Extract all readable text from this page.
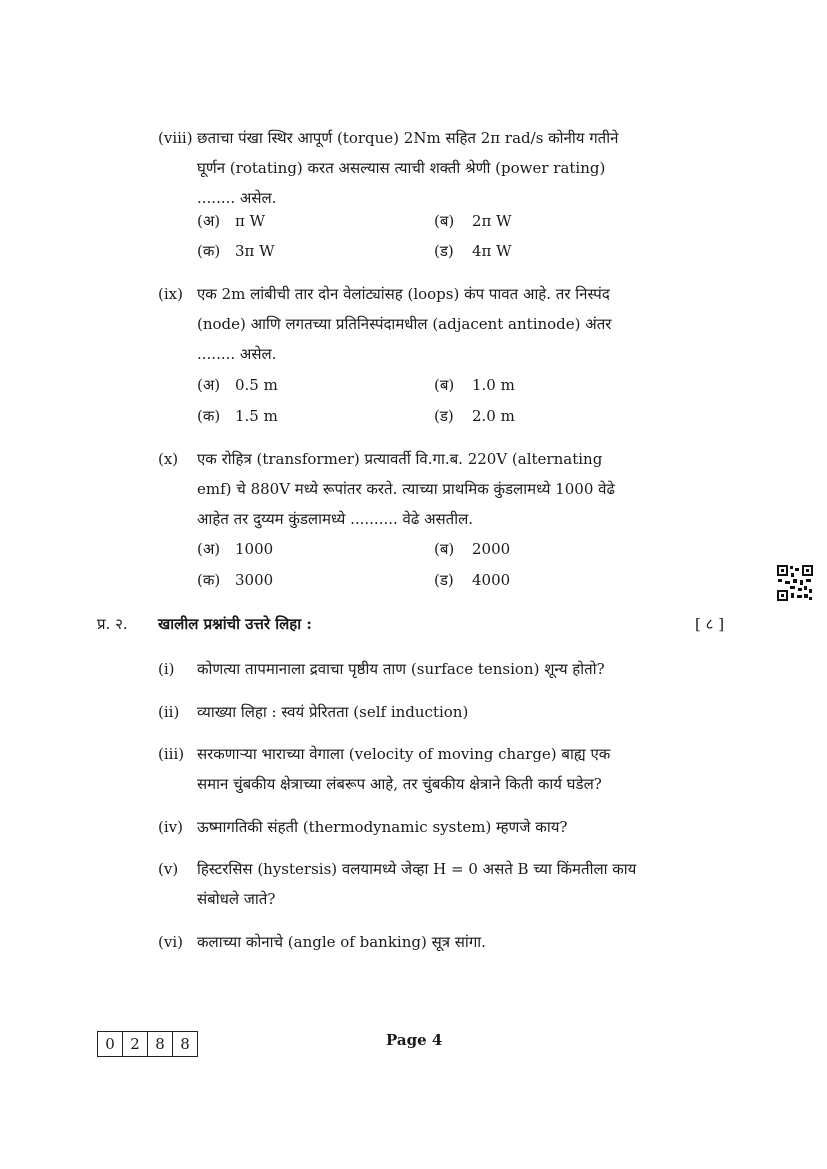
(viii) छताचा पंखा स्थिर आपूर्ण (torque) 2Nm सहित 2π rad/s कोनीय गतीने घूर्णन (rotating) करत असल्यास त्याची शक्ती श्रेणी (power rating) ........ असेल.
(अ) π W	(ब) 2π W
(क) 3π W	(ड) 4π W
(ix) एक 2m लांबीची तार दोन वेलांट्यांसह (loops) कंप पावत आहे. तर निस्पंद (node) आणि लगतच्या प्रतिनिस्पंदामधील (adjacent antinode) अंतर ........ असेल.
(अ) 0.5 m	(ब) 1.0 m
(क) 1.5 m	(ड) 2.0 m
(x) एक रोहित्र (transformer) प्रत्यावर्ती वि.गा.ब. 220V (alternating emf) चे 880V मध्ये रूपांतर करते. त्याच्या प्राथमिक कुंडलामध्ये 1000 वेढे आहेत तर दुय्यम कुंडलामध्ये .......... वेढे असतील.
(अ) 1000	(ब) 2000
(क) 3000	(ड) 4000
प्र. २. खालील प्रश्नांची उत्तरे लिहा :	[ ८ ]
(i) कोणत्या तापमानाला द्रवाचा पृष्ठीय ताण (surface tension) शून्य होतो?
(ii) व्याख्या लिहा : स्वयं प्रेरितता (self induction)
(iii) सरकणाऱ्या भाराच्या वेगाला (velocity of moving charge) बाह्य एक समान चुंबकीय क्षेत्राच्या लंबरूप आहे, तर चुंबकीय क्षेत्राने किती कार्य घडेल?
(iv) ऊष्मागतिकी संहती (thermodynamic system) म्हणजे काय?
(v) हिस्टरसिस (hystersis) वलयामध्ये जेव्हा H = 0 असते B च्या किंमतीला काय संबोधले जाते?
(vi) कलाच्या कोनाचे (angle of banking) सूत्र सांगा.
0	2	8	8	Page 4
